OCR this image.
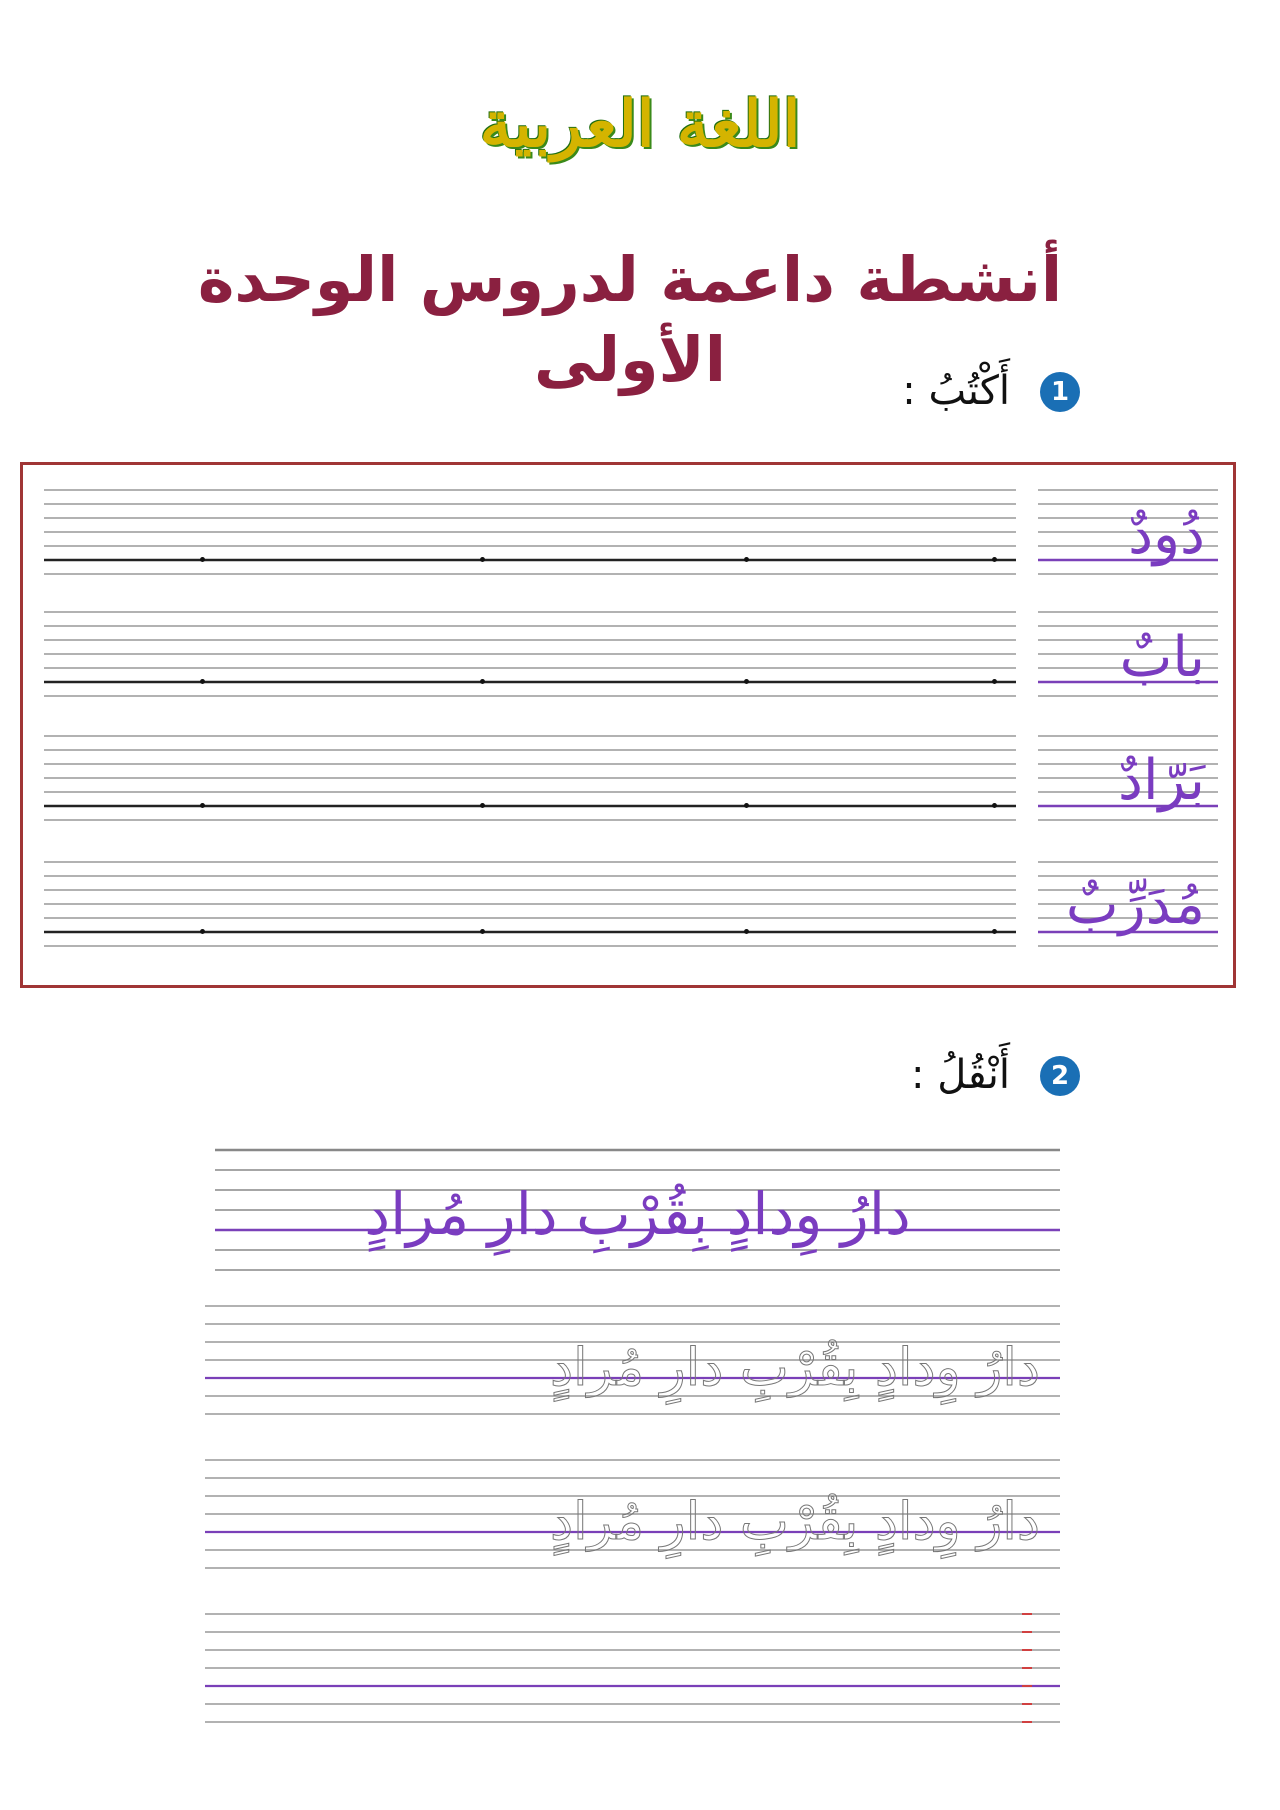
اللغة العربية
أنشطة داعمة لدروس الوحدة الأولى	1
أَكْتُبُ :
دُودٌ
بابٌ
بَرّادٌ
مُدَرِّبٌ
2
أَنْقُلُ :
دارُ وِدادٍ بِقُرْبِ دارِ مُرادٍ
دارُ وِدادٍ بِقُرْبِ دارِ مُرادٍ
دارُ وِدادٍ بِقُرْبِ دارِ مُرادٍ
